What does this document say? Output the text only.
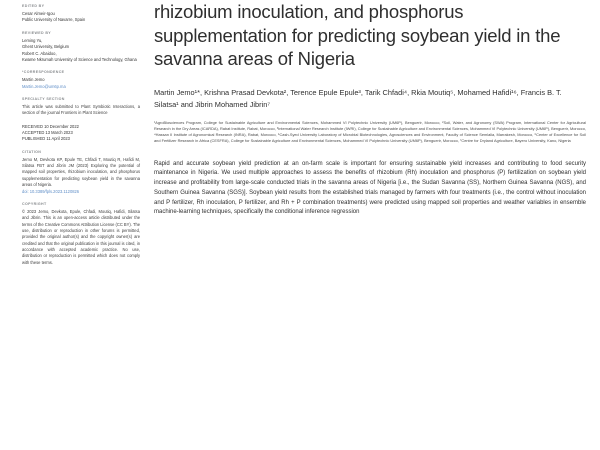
EDITED BY
Cesar Almeir-Igou
Public University of Navarre, Spain
REVIEWED BY
Leming Yu,
Ghent University, Belgium
Robert C. Abaidoo,
Kwame Nkrumah University of Science and Technology, Ghana
*CORRESPONDENCE
Martin Jemo
Martin.Jemo@um6p.ma
SPECIALTY SECTION
This article was submitted to Plant Symbiotic Interactions, a section of the journal Frontiers in Plant Science
RECEIVED 10 December 2022
ACCEPTED 13 March 2023
PUBLISHED 11 April 2023
CITATION
Jemo M, Devkota KP, Epule TE, Chfadi T, Moutiq R, Hafidi M, Silatsa FBT and Jibrin JM (2023) Exploring the potential of mapped soil properties, rhizobium inoculation, and phosphorus supplementation for predicting soybean yield in the savanna areas of Nigeria.
doi: 10.3389/fpls.2023.1120826
COPYRIGHT
© 2023 Jemo, Devkota, Epule, Chfadi, Moutiq, Hafidi, Silatsa and Jibrin. This is an open-access article distributed under the terms of the Creative Commons Attribution License (CC BY). The use, distribution or reproduction in other forums is permitted, provided the original author(s) and the copyright owner(s) are credited and that the original publication in this journal is cited, in accordance with accepted academic practice. No use, distribution or reproduction is permitted which does not comply with these terms.
rhizobium inoculation, and phosphorus supplementation for predicting soybean yield in the savanna areas of Nigeria
Martin Jemo¹*, Krishna Prasad Devkota², Terence Epule Epule³, Tarik Chfadi⁴, Rkia Moutiq⁵, Mohamed Hafidi¹⁶, Francis B. T. Silatsa¹ and Jibrin Mohamed Jibrin⁷
¹AgroBiosciences Program, College for Sustainable Agriculture and Environmental Sciences, Mohammed VI Polytechnic University (UM6P), Benguerir, Morocco, ²Soil, Water, and Agronomy (SWA) Program, International Center for Agricultural Research in the Dry Areas (ICARDA), Rabat Institute, Rabat, Morocco, ³International Water Research Institute (IWRI), College for Sustainable Agriculture and Environmental Sciences, Mohammed VI Polytechnic University (UM6P), Benguerir, Morocco, ⁴Hassan II Institute of Agronomical Research (INRA), Rabat, Morocco, ⁵Cash-Syed University Laboratory of Microbial Biotechnologies, Agrosciences and Environment, Faculty of Science Semlalia, Marrakesh, Morocco, ⁶Center of Excellence for Soil and Fertilizer Research in Africa (CESFRA), College for Sustainable Agriculture and Environmental Sciences, Mohammed VI Polytechnic University (UM6P), Benguerir, Morocco, ⁷Centre for Dryland Agriculture, Bayero University, Kano, Nigeria

Rapid and accurate soybean yield prediction at an on-farm scale is important for ensuring sustainable yield increases and contributing to food security maintenance in Nigeria. We used multiple approaches to assess the benefits of rhizobium (Rh) inoculation and phosphorus (P) fertilization on soybean yield increase and profitability from large-scale conducted trials in the savanna areas of Nigeria [i.e., the Sudan Savanna (SS), Northern Guinea Savanna (NGS), and Southern Guinea Savanna (SGS)]. Soybean yield results from the established trials managed by farmers with four treatments (i.e., the control without inoculation and P fertilizer, Rh inoculation, P fertilizer, and Rh + P combination treatments) were predicted using mapped soil properties and weather variables in ensemble machine-learning techniques, specifically the conditional inference regression
